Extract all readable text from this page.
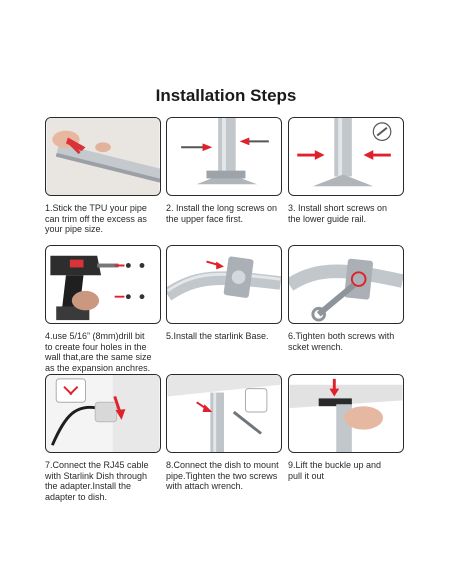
Installation Steps
1.Stick the TPU your pipe
can trim off the excess as
your pipe size.
2. Install the long screws on
the upper face first.
3. Install short screws on
the lower guide rail.
4.use 5/16” (8mm)drill bit
to create four holes in the
wall that,are the same size
as the expansion anchres.
5.Install the starlink Base.	6.Tighten both screws with
scket wrench.
7.Connect the RJ45 cable
with Starlink Dish through
the adapter.Install the
adapter to dish.
8.Connect the dish to mount
pipe.Tighten the two screws
with attach wrench.
9.Lift the buckle up and
pull it out
